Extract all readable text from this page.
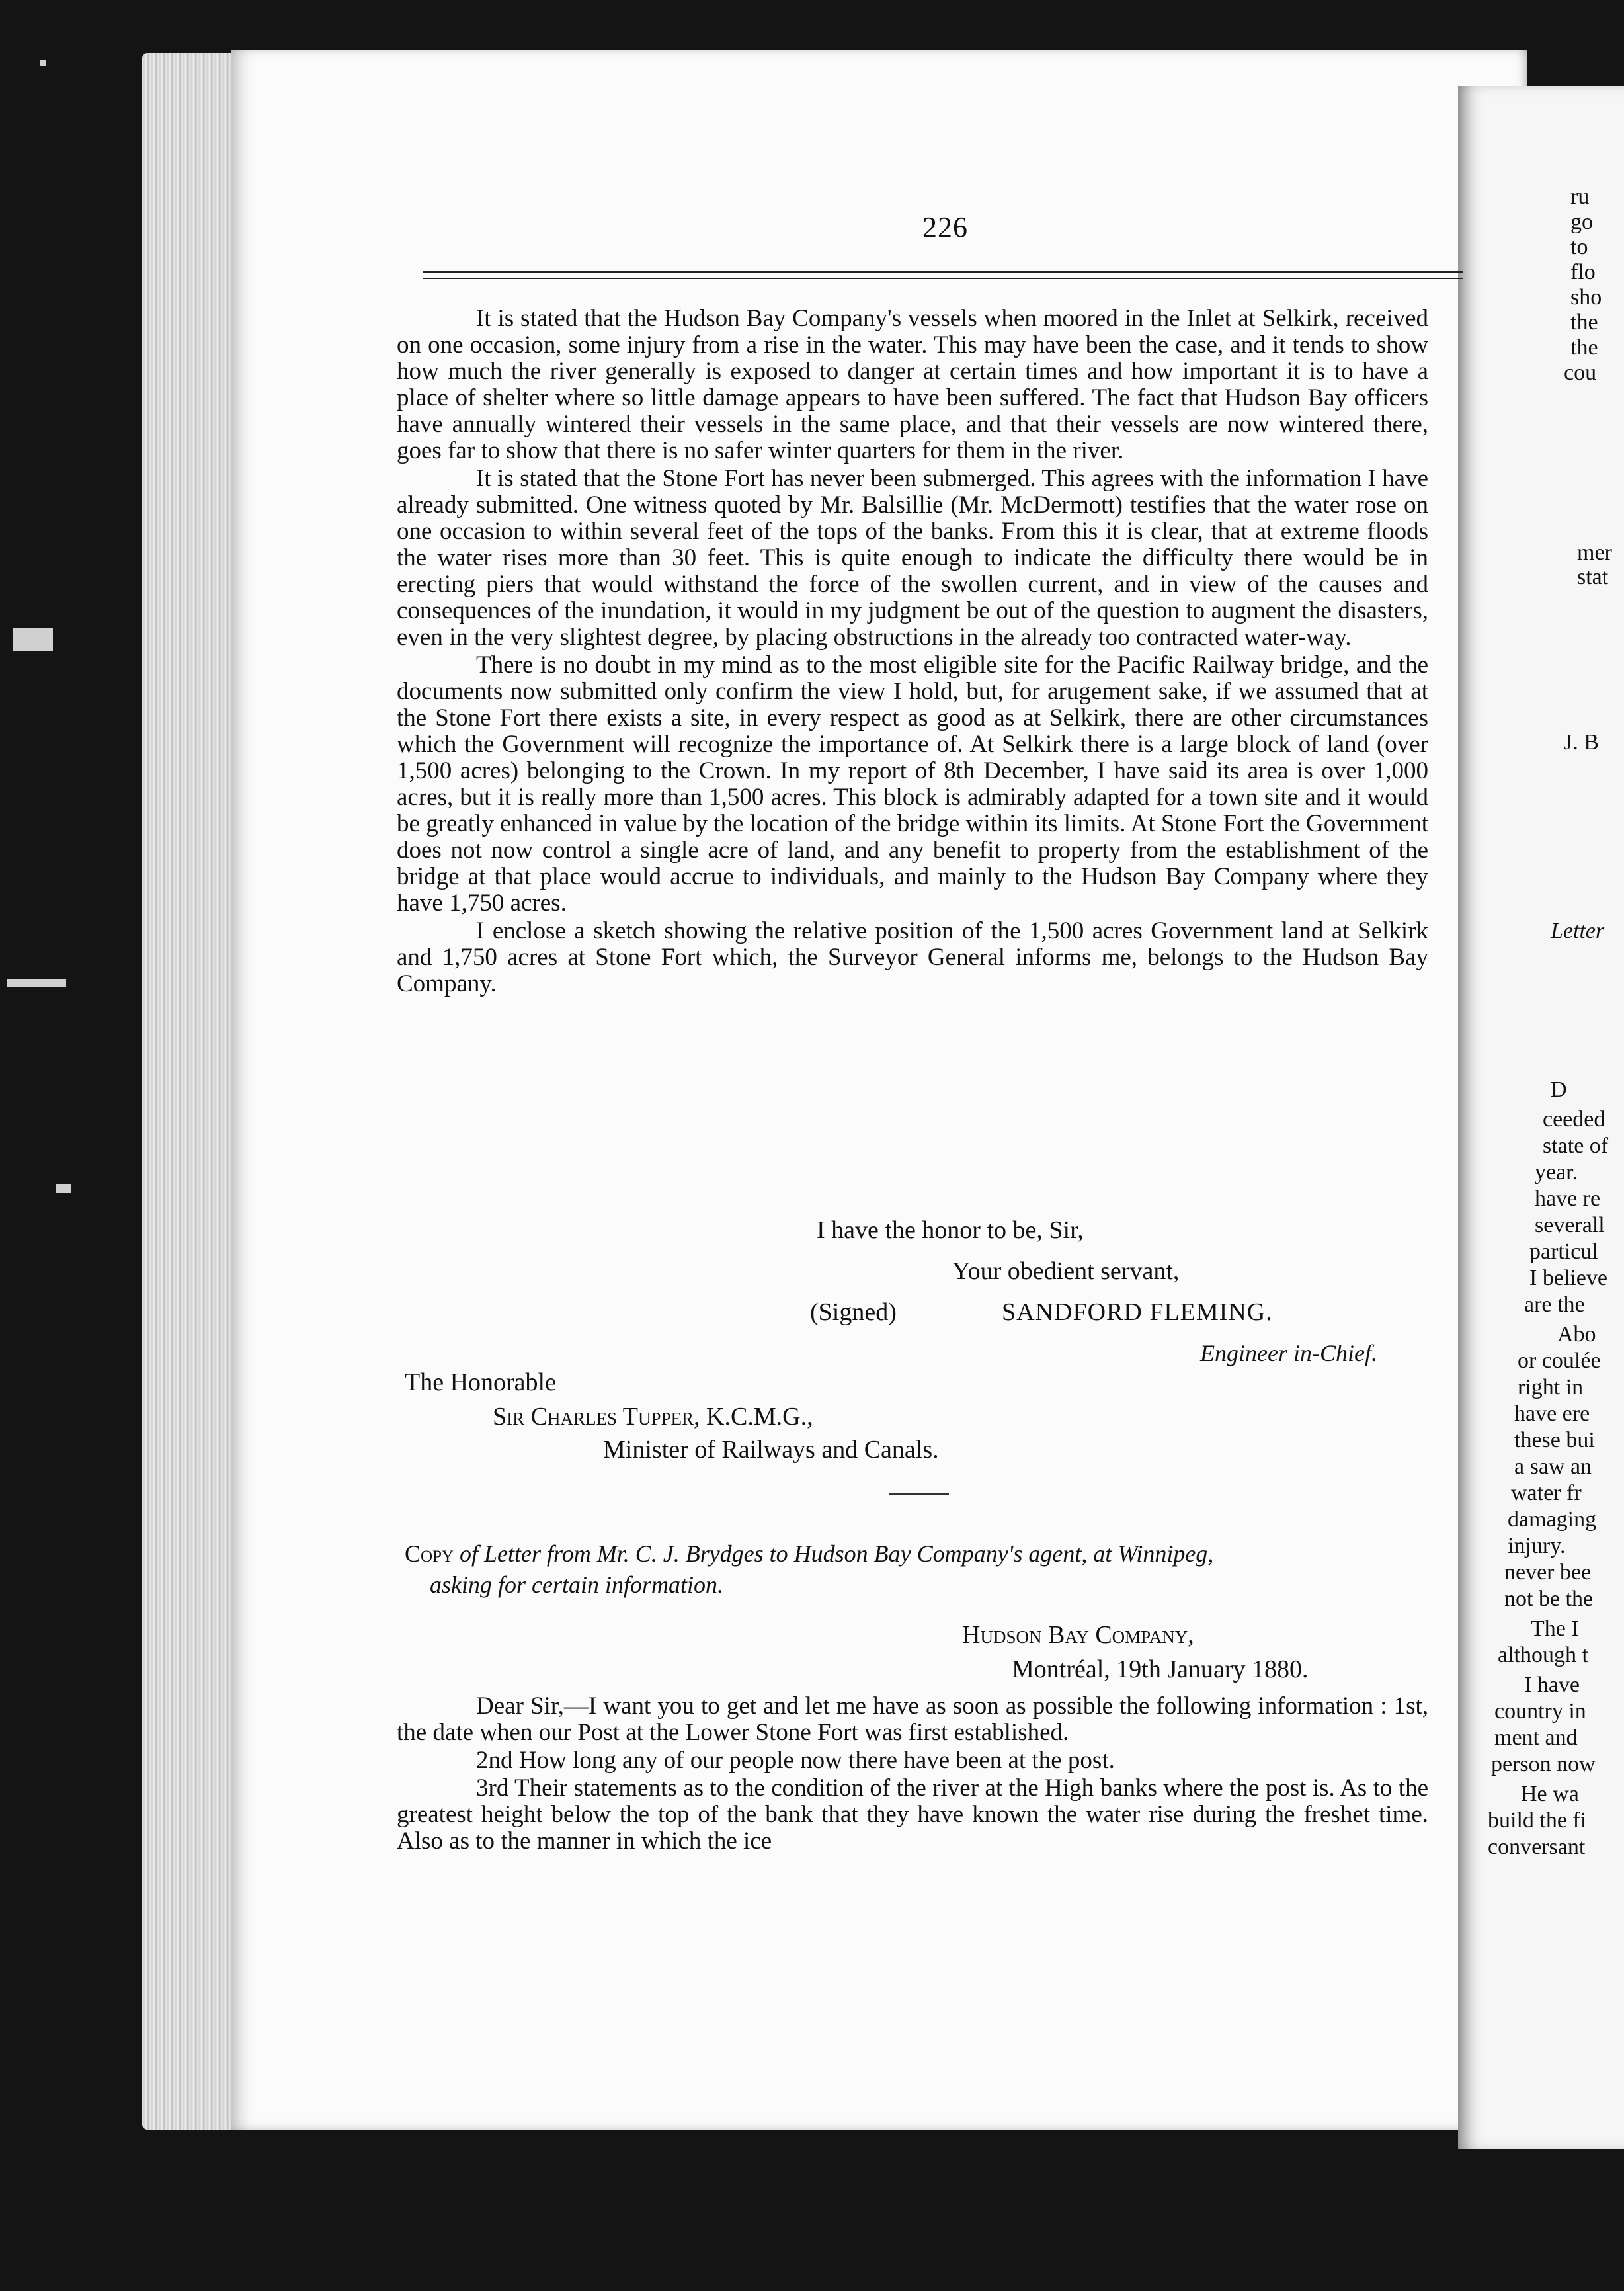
ru
go
to
flo
sho
the
the
cou
mer
stat
J. B
Letter
D
ceeded
state of
year.
have re
severall
particul
I believe
are the
Abo
or coulée
right in
have ere
these bui
a saw an
water fr
damaging
injury.
never bee
not be the
The I
although t
I have
country in
ment and
person now
He wa
build the fi
conversant
226

It is stated that the Hudson Bay Company's vessels when moored in the Inlet at Selkirk, received on one occasion, some injury from a rise in the water. This may have been the case, and it tends to show how much the river generally is exposed to danger at certain times and how important it is to have a place of shelter where so little damage appears to have been suffered. The fact that Hudson Bay officers have annually wintered their vessels in the same place, and that their vessels are now wintered there, goes far to show that there is no safer winter quarters for them in the river.

It is stated that the Stone Fort has never been submerged. This agrees with the information I have already submitted. One witness quoted by Mr. Balsillie (Mr. McDermott) testifies that the water rose on one occasion to within several feet of the tops of the banks. From this it is clear, that at extreme floods the water rises more than 30 feet. This is quite enough to indicate the difficulty there would be in erecting piers that would withstand the force of the swollen current, and in view of the causes and consequences of the inundation, it would in my judgment be out of the question to augment the disasters, even in the very slightest degree, by placing obstructions in the already too contracted water-way.

There is no doubt in my mind as to the most eligible site for the Pacific Railway bridge, and the documents now submitted only confirm the view I hold, but, for arugement sake, if we assumed that at the Stone Fort there exists a site, in every respect as good as at Selkirk, there are other circumstances which the Government will recognize the importance of. At Selkirk there is a large block of land (over 1,500 acres) belonging to the Crown. In my report of 8th December, I have said its area is over 1,000 acres, but it is really more than 1,500 acres. This block is admirably adapted for a town site and it would be greatly enhanced in value by the location of the bridge within its limits. At Stone Fort the Government does not now control a single acre of land, and any benefit to property from the establishment of the bridge at that place would accrue to individuals, and mainly to the Hudson Bay Company where they have 1,750 acres.

I enclose a sketch showing the relative position of the 1,500 acres Government land at Selkirk and 1,750 acres at Stone Fort which, the Surveyor General informs me, belongs to the Hudson Bay Company.

I have the honor to be, Sir,
Your obedient servant,
(Signed)	SANDFORD FLEMING.
Engineer in-Chief.
The Honorable
Sir Charles Tupper, K.C.M.G.,
Minister of Railways and Canals.
Copy of Letter from Mr. C. J. Brydges to Hudson Bay Company's agent, at Winnipeg,
asking for certain information.
Hudson Bay Company,
Montréal, 19th January 1880.

Dear Sir,—I want you to get and let me have as soon as possible the following information : 1st, the date when our Post at the Lower Stone Fort was first established.

2nd How long any of our people now there have been at the post.

3rd Their statements as to the condition of the river at the High banks where the post is. As to the greatest height below the top of the bank that they have known the water rise during the freshet time. Also as to the manner in which the ice
